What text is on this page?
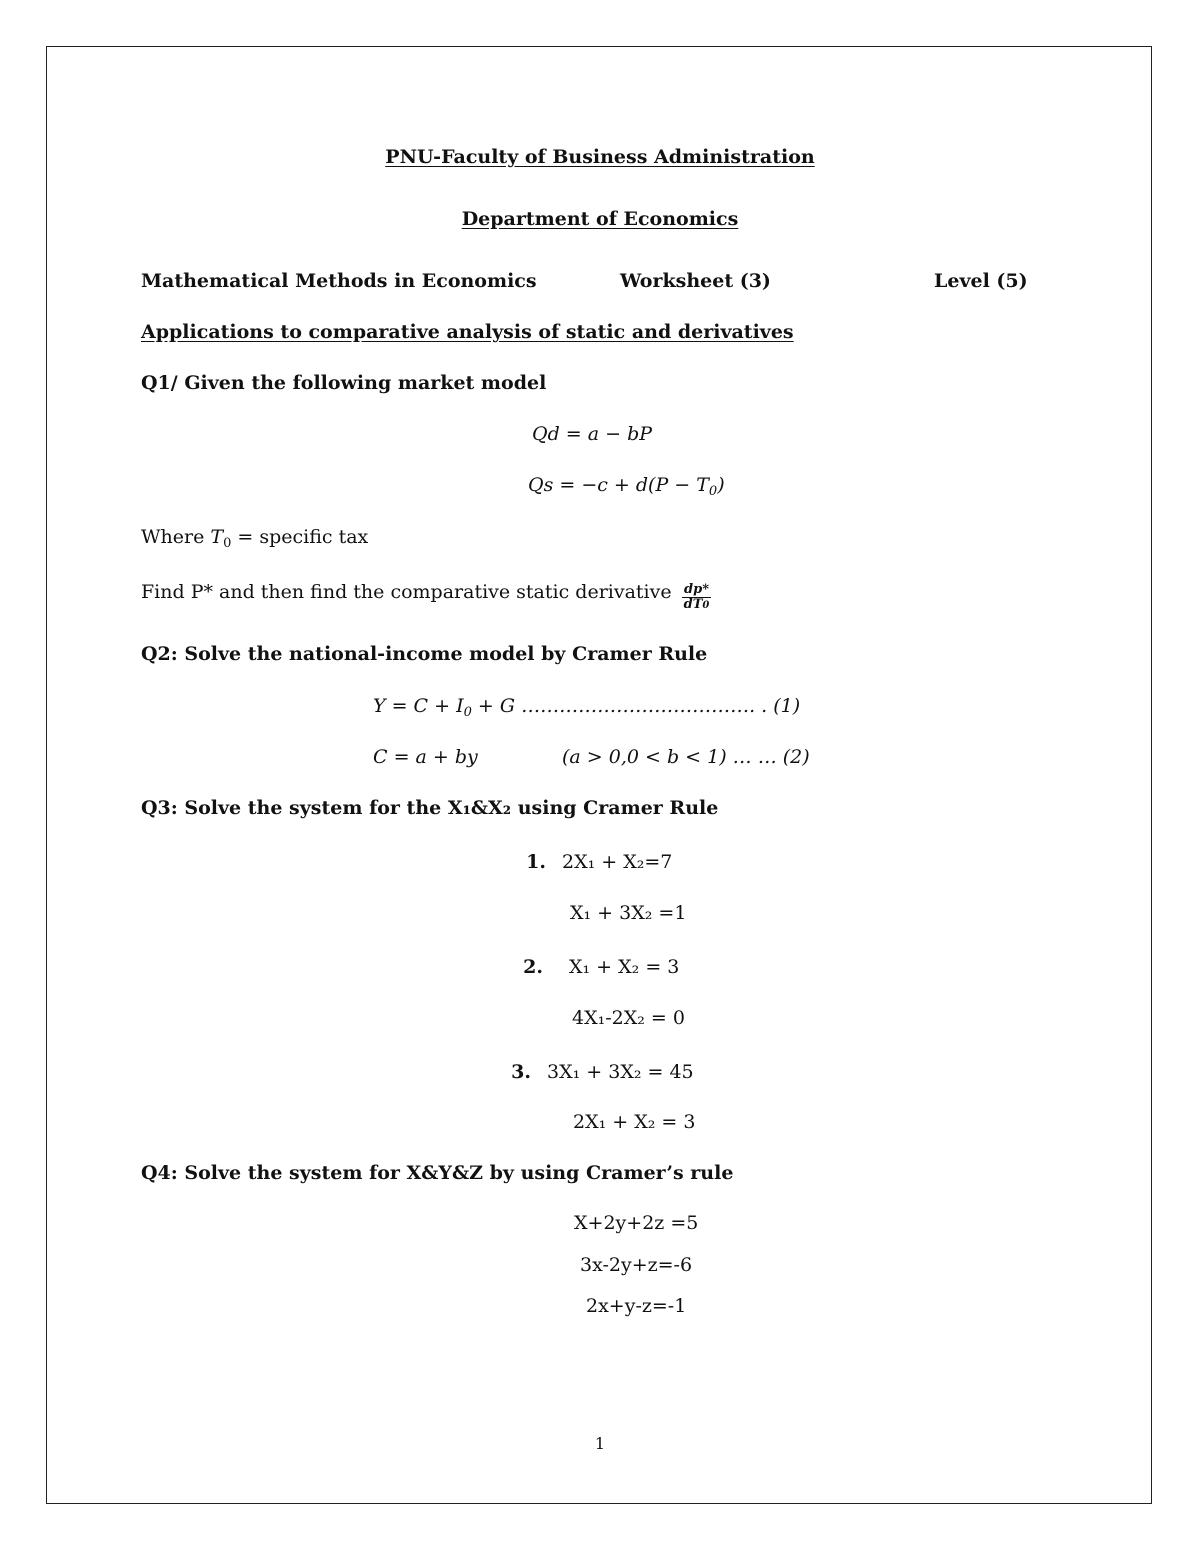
PNU-Faculty of Business Administration
Department of Economics
Mathematical Methods in Economics	Worksheet (3)	Level (5)
Applications to comparative analysis of static and derivatives
Q1/ Given the following market model
Qd = a − bP
$Qs = -c + d(P - T_0)$
Where $T_0$ = specific tax
Find P* and then find the comparative static derivative $\frac{dp*}{dT0}$
Q2: Solve the national-income model by Cramer Rule
$Y = C + I_0 + G$ ………………………………. . (1)
C = a + by	(a > 0,0 < b < 1) … … (2)
Q3: Solve the system for the X₁&X₂ using Cramer Rule
1. 2X₁ + X₂=7
X₁ + 3X₂ =1
2. X₁ + X₂ = 3
4X₁-2X₂ = 0
3. 3X₁ + 3X₂ = 45
2X₁ + X₂ = 3
Q4: Solve the system for X&Y&Z by using Cramer’s rule
X+2y+2z =5
3x-2y+z=-6
2x+y-z=-1
1
